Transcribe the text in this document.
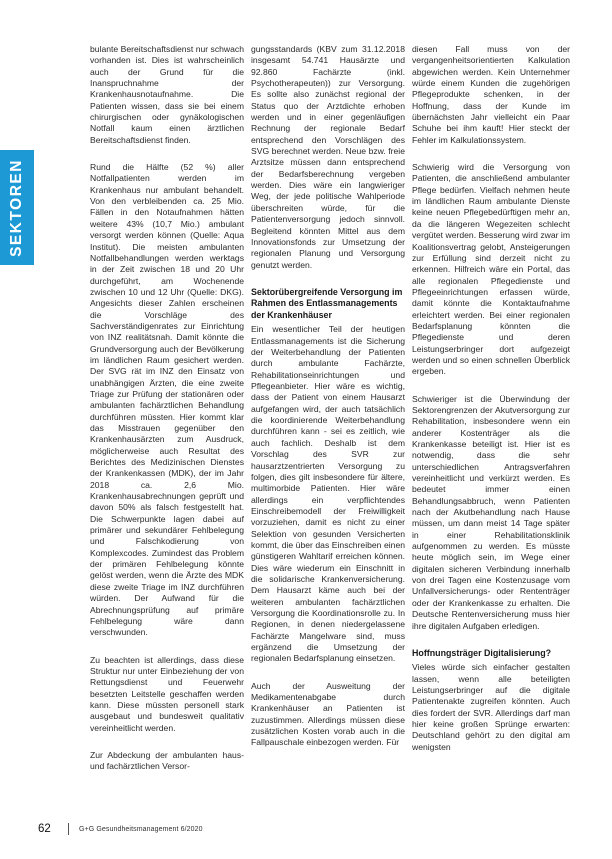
SEKTOREN

bulante Bereitschaftsdienst nur schwach vorhanden ist. Dies ist wahrscheinlich auch der Grund für die Inanspruchnahme der Krankenhausnotaufnahme. Die Patienten wissen, dass sie bei einem chirurgischen oder gynäkologischen Notfall kaum einen ärztlichen Bereitschaftsdienst finden.

Rund die Hälfte (52 %) aller Notfallpatienten werden im Krankenhaus nur ambulant behandelt. Von den verbleibenden ca. 25 Mio. Fällen in den Notaufnahmen hätten weitere 43% (10,7 Mio.) ambulant versorgt werden können (Quelle: Aqua Institut). Die meisten ambulanten Notfallbehandlungen werden werktags in der Zeit zwischen 18 und 20 Uhr durchgeführt, am Wochenende zwischen 10 und 12 Uhr (Quelle: DKG). Angesichts dieser Zahlen erscheinen die Vorschläge des Sachverständigenrates zur Einrichtung von INZ realitätsnah. Damit könnte die Grundversorgung auch der Bevölkerung im ländlichen Raum gesichert werden. Der SVG rät im INZ den Einsatz von unabhängigen Ärzten, die eine zweite Triage zur Prüfung der stationären oder ambulanten fachärztlichen Behandlung durchführen müssten. Hier kommt klar das Misstrauen gegenüber den Krankenhausärzten zum Ausdruck, möglicherweise auch Resultat des Berichtes des Medizinischen Dienstes der Krankenkassen (MDK), der im Jahr 2018 ca. 2,6 Mio. Krankenhausabrechnungen geprüft und davon 50% als falsch festgestellt hat. Die Schwerpunkte lagen dabei auf primärer und sekundärer Fehlbelegung und Falschkodierung von Komplexcodes. Zumindest das Problem der primären Fehlbelegung könnte gelöst werden, wenn die Ärzte des MDK diese zweite Triage im INZ durchführen würden. Der Aufwand für die Abrechnungsprüfung auf primäre Fehlbelegung wäre dann verschwunden.

Zu beachten ist allerdings, dass diese Struktur nur unter Einbeziehung der von Rettungsdienst und Feuerwehr besetzten Leitstelle geschaffen werden kann. Diese müssten personell stark ausgebaut und bundesweit qualitativ vereinheitlicht werden.

Zur Abdeckung der ambulanten haus- und fachärztlichen Versor-

gungsstandards (KBV zum 31.12.2018 insgesamt 54.741 Hausärzte und 92.860 Fachärzte (inkl. Psychotherapeuten)) zur Versorgung. Es sollte also zunächst regional der Status quo der Arztdichte erhoben werden und in einer gegenläufigen Rechnung der regionale Bedarf entsprechend den Vorschlägen des SVG berechnet werden. Neue bzw. freie Arztsitze müssen dann entsprechend der Bedarfsberechnung vergeben werden. Dies wäre ein langwieriger Weg, der jede politische Wahlperiode überschreiten würde, für die Patientenversorgung jedoch sinnvoll. Begleitend könnten Mittel aus dem Innovationsfonds zur Umsetzung der regionalen Planung und Versorgung genutzt werden.

Sektorübergreifende Versorgung im Rahmen des Entlassmanagements der Krankenhäuser

Ein wesentlicher Teil der heutigen Entlassmanagements ist die Sicherung der Weiterbehandlung der Patienten durch ambulante Fachärzte, Rehabilitationseinrichtungen und Pflegeanbieter. Hier wäre es wichtig, dass der Patient von einem Hausarzt aufgefangen wird, der auch tatsächlich die koordinierende Weiterbehandlung durchführen kann - sei es zeitlich, wie auch fachlich. Deshalb ist dem Vorschlag des SVR zur hausarztzentrierten Versorgung zu folgen, dies gilt insbesondere für ältere, multimorbide Patienten. Hier wäre allerdings ein verpflichtendes Einschreibemodell der Freiwilligkeit vorzuziehen, damit es nicht zu einer Selektion von gesunden Versicherten kommt, die über das Einschreiben einen günstigeren Wahltarif erreichen können. Dies wäre wiederum ein Einschnitt in die solidarische Krankenversicherung. Dem Hausarzt käme auch bei der weiteren ambulanten fachärztlichen Versorgung die Koordinationsrolle zu. In Regionen, in denen niedergelassene Fachärzte Mangelware sind, muss ergänzend die Umsetzung der regionalen Bedarfsplanung einsetzen.

Auch der Ausweitung der Medikamentenabgabe durch Krankenhäuser an Patienten ist zuzustimmen. Allerdings müssen diese zusätzlichen Kosten vorab auch in die Fallpauschale einbezogen werden. Für

diesen Fall muss von der vergangenheitsorientierten Kalkulation abgewichen werden. Kein Unternehmer würde einem Kunden die zugehörigen Pflegeprodukte schenken, in der Hoffnung, dass der Kunde im übernächsten Jahr vielleicht ein Paar Schuhe bei ihm kauft! Hier steckt der Fehler im Kalkulationssystem.

Schwierig wird die Versorgung von Patienten, die anschließend ambulanter Pflege bedürfen. Vielfach nehmen heute im ländlichen Raum ambulante Dienste keine neuen Pflegebedürftigen mehr an, da die längeren Wegezeiten schlecht vergütet werden. Besserung wird zwar im Koalitionsvertrag gelobt, Ansteigerungen zur Erfüllung sind derzeit nicht zu erkennen. Hilfreich wäre ein Portal, das alle regionalen Pflegedienste und Pflegeeinrichtungen erfassen würde, damit könnte die Kontaktaufnahme erleichtert werden. Bei einer regionalen Bedarfsplanung könnten die Pflegedienste und deren Leistungserbringer dort aufgezeigt werden und so einen schnellen Überblick ergeben.

Schwieriger ist die Überwindung der Sektorengrenzen der Akutversorgung zur Rehabilitation, insbesondere wenn ein anderer Kostenträger als die Krankenkasse beteiligt ist. Hier ist es notwendig, dass die sehr unterschiedlichen Antragsverfahren vereinheitlicht und verkürzt werden. Es bedeutet immer einen Behandlungsabbruch, wenn Patienten nach der Akutbehandlung nach Hause müssen, um dann meist 14 Tage später in einer Rehabilitationsklinik aufgenommen zu werden. Es müsste heute möglich sein, im Wege einer digitalen sicheren Verbindung innerhalb von drei Tagen eine Kostenzusage vom Unfallversicherungs- oder Rententräger oder der Krankenkasse zu erhalten. Die Deutsche Rentenversicherung muss hier ihre digitalen Aufgaben erledigen.

Hoffnungsträger Digitalisierung?

Vieles würde sich einfacher gestalten lassen, wenn alle beteiligten Leistungserbringer auf die digitale Patientenakte zugreifen könnten. Auch dies fordert der SVR. Allerdings darf man hier keine großen Sprünge erwarten: Deutschland gehört zu den digital am wenigsten

62	G+G Gesundheitsmanagement 6/2020
